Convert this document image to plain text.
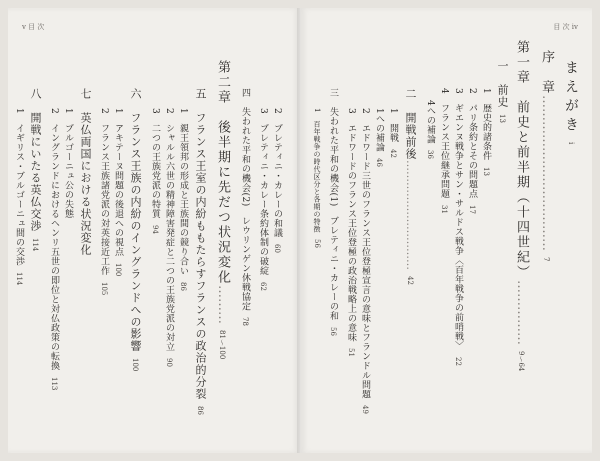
v 目 次	目 次 iv
まえがきi
序　章………………………………7
第一章　前史と前半期（十四世紀）……………9〜64
一　前史13
1　歴史的諸条件13
2　パリ条約とその問題点17
3　ギエンヌ戦争とサン・サルドス戦争〈百年戦争の前哨戦〉22
4　フランス王位継承問題31
4への補論36
二　開戦前後…………………………42
1　開戦42
1への補論46
2　エドワード三世のフランス王位登極宣言の意味とフランドル問題49
3　エドワードのフランス王位登極の政治戦略上の意味51
三　失われた平和の機会(1)　ブレティニ・カレーの和56
1　百年戦争の時代区分と各期の特徴56
2　ブレティニ・カレーの和議60
3　ブレティニ・カレー条約体制の破綻62
四　失われた平和の機会(2)　レウリンゲン休戦協定78
第二章　後半期に先だつ状況変化………81〜100
五　フランス王室の内紛ももたらすフランスの政治的分裂86
1　親王領邦の形成と王族間の競り合い86
2　シャルル六世の精神障害発症と二つの王族党派の対立90
3　二つの王族党派の特質94
六　フランス王族の内紛のイングランドへの影響100
1　アキテーヌ問題の後退への視点100
2　フランス王族諸党派の対英接近工作105
七　英仏両国における状況変化
1　ブルゴーニュ公の失態
2　イングランドにおけるヘンリ五世の即位と対仏政策の転換113
八　開戦にいたる英仏交渉114
1　イギリス・ブルゴーニュ間の交渉114
